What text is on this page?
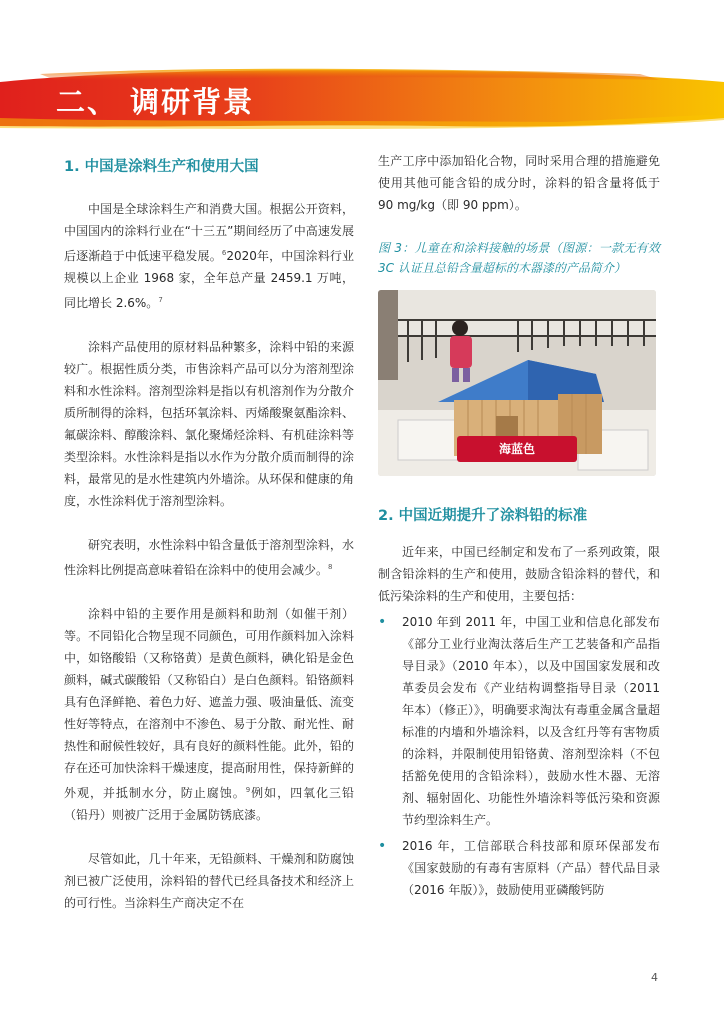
二、 调研背景
1. 中国是涂料生产和使用大国

中国是全球涂料生产和消费大国。根据公开资料，中国国内的涂料行业在“十三五”期间经历了中高速发展后逐渐趋于中低速平稳发展。$^6$2020年，中国涂料行业规模以上企业 1968 家，全年总产量 2459.1 万吨，同比增长 2.6%。$^7$

涂料产品使用的原材料品种繁多，涂料中铅的来源较广。根据性质分类，市售涂料产品可以分为溶剂型涂料和水性涂料。溶剂型涂料是指以有机溶剂作为分散介质所制得的涂料，包括环氧涂料、丙烯酸聚氨酯涂料、氟碳涂料、醇酸涂料、氯化聚烯烃涂料、有机硅涂料等类型涂料。水性涂料是指以水作为分散介质而制得的涂料，最常见的是水性建筑内外墙涂。从环保和健康的角度，水性涂料优于溶剂型涂料。

研究表明，水性涂料中铅含量低于溶剂型涂料，水性涂料比例提高意味着铅在涂料中的使用会减少。$^8$

涂料中铅的主要作用是颜料和助剂（如催干剂）等。不同铅化合物呈现不同颜色，可用作颜料加入涂料中，如铬酸铅（又称铬黄）是黄色颜料，碘化铅是金色颜料，碱式碳酸铅（又称铅白）是白色颜料。铅铬颜料具有色泽鲜艳、着色力好、遮盖力强、吸油量低、流变性好等特点，在溶剂中不渗色、易于分散、耐光性、耐热性和耐候性较好，具有良好的颜料性能。此外，铅的存在还可加快涂料干燥速度，提高耐用性，保持新鲜的外观，并抵制水分，防止腐蚀。$^9$例如，四氧化三铅（铅丹）则被广泛用于金属防锈底漆。

尽管如此，几十年来，无铅颜料、干燥剂和防腐蚀剂已被广泛使用，涂料铅的替代已经具备技术和经济上的可行性。当涂料生产商决定不在

生产工序中添加铅化合物，同时采用合理的措施避免使用其他可能含铅的成分时，涂料的铅含量将低于 90 mg/kg（即 90 ppm）。

图 3：儿童在和涂料接触的场景（图源：一款无有效 3C 认证且总铅含量超标的木器漆的产品简介）

海蓝色
2. 中国近期提升了涂料铅的标准

近年来，中国已经制定和发布了一系列政策，限制含铅涂料的生产和使用，鼓励含铅涂料的替代，和低污染涂料的生产和使用，主要包括：

• 2010 年到 2011 年，中国工业和信息化部发布《部分工业行业淘汰落后生产工艺装备和产品指导目录》（2010 年本），以及中国国家发展和改革委员会发布《产业结构调整指导目录（2011 年本）（修正）》，明确要求淘汰有毒重金属含量超标准的内墙和外墙涂料，以及含红丹等有害物质的涂料，并限制使用铅铬黄、溶剂型涂料（不包括豁免使用的含铅涂料），鼓励水性木器、无溶剂、辐射固化、功能性外墙涂料等低污染和资源节约型涂料生产。

• 2016 年，工信部联合科技部和原环保部发布《国家鼓励的有毒有害原料（产品）替代品目录（2016 年版）》，鼓励使用亚磷酸钙防

4
